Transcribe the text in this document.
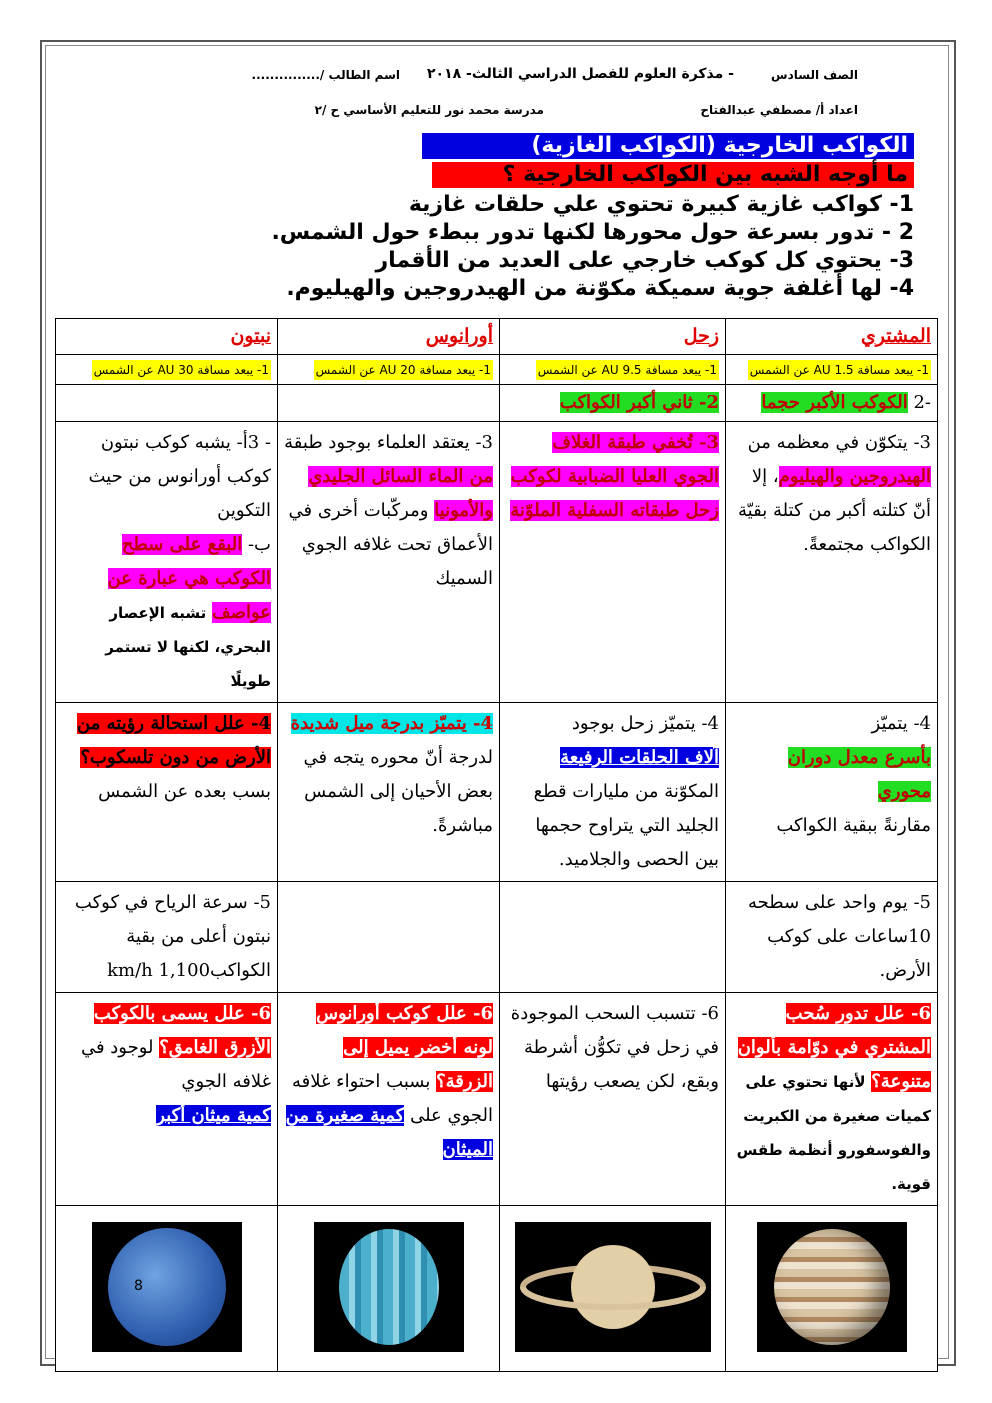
الصف السادس
- مذكرة العلوم للفصل الدراسي الثالث- ٢٠١٨
اسم الطالب /...............
اعداد أ/ مصطفي عبدالفتاح
مدرسة محمد نور للتعليم الأساسي ح /٢
الكواكب الخارجية (الكواكب الغازية)
ما أوجه الشبه بين الكواكب الخارجية ؟
1- كواكب غازية كبيرة تحتوي علي حلقات غازية
2 - تدور بسرعة حول محورها لكنها تدور ببطء حول الشمس.
3- يحتوي كل كوكب خارجي على العديد من الأقمار
4- لها أغلفة جوية سميكة مكوّنة من الهيدروجين والهيليوم.
المشتري	زحل	أورانوس	نبتون
1- يبعد مسافة 1.5 AU عن الشمس	1- يبعد مسافة 9.5 AU عن الشمس	1- يبعد مسافة 20 AU عن الشمس	1- يبعد مسافة 30 AU عن الشمس
-2 الكوكب الأكبر حجما	2- ثاني أكبر الكواكب		
3- يتكوّن في معظمه من الهيدروجين والهيليوم، إلا أنّ كتلته أكبر من كتلة بقيّة الكواكب مجتمعةً.	3- تُخفي طبقة الغلاف الجوي العليا الضبابية لكوكب زحل طبقاته السفلية الملوّنة	3- يعتقد العلماء بوجود طبقة من الماء السائل الجليدي والأمونيا ومركّبات أخرى في الأعماق تحت غلافه الجوي السميك	- 3أ- يشبه كوكب نبتون كوكب أورانوس من حيث التكوين
ب- البقع على سطح الكوكب هي عبارة عن عواصف تشبه الإعصار البحري، لكنها لا تستمر طويلًا
4- يتميّز
بأسرع معدل دوران محوري
مقارنةً ببقية الكواكب	4- يتميّز زحل بوجود
آلاف الحلقات الرفيعة
المكوّنة من مليارات قطع الجليد التي يتراوح حجمها بين الحصى والجلاميد.	4- يتميّز بدرجة ميل شديدة
لدرجة أنّ محوره يتجه في بعض الأحيان إلى الشمس مباشرةً.	4- علل استحالة رؤيته من الأرض من دون تلسكوب؟
بسب بعده عن الشمس
5- يوم واحد على سطحه 10ساعات على كوكب الأرض.			5- سرعة الرياح في كوكب نبتون أعلى من بقية الكواكب1,100 km/h
6- علل تدور سُحب المشتري في دوّامة بألوان متنوعة؟ لأنها تحتوي على كميات صغيرة من الكبريت والفوسفورو أنظمة طقس قوية.	6- تتسبب السحب الموجودة في زحل في تكوُّن أشرطة وبقع، لكن يصعب رؤيتها	6- علل كوكب أورانوس لونه أخضر يميل إلى الزرقة؟ بسبب احتواء غلافه الجوي على كمية صغيرة من الميثان	6- علل يسمى بالكوكب الأزرق الغامق؟ لوجود في غلافه الجوي
كمية ميثان أكبر

8
